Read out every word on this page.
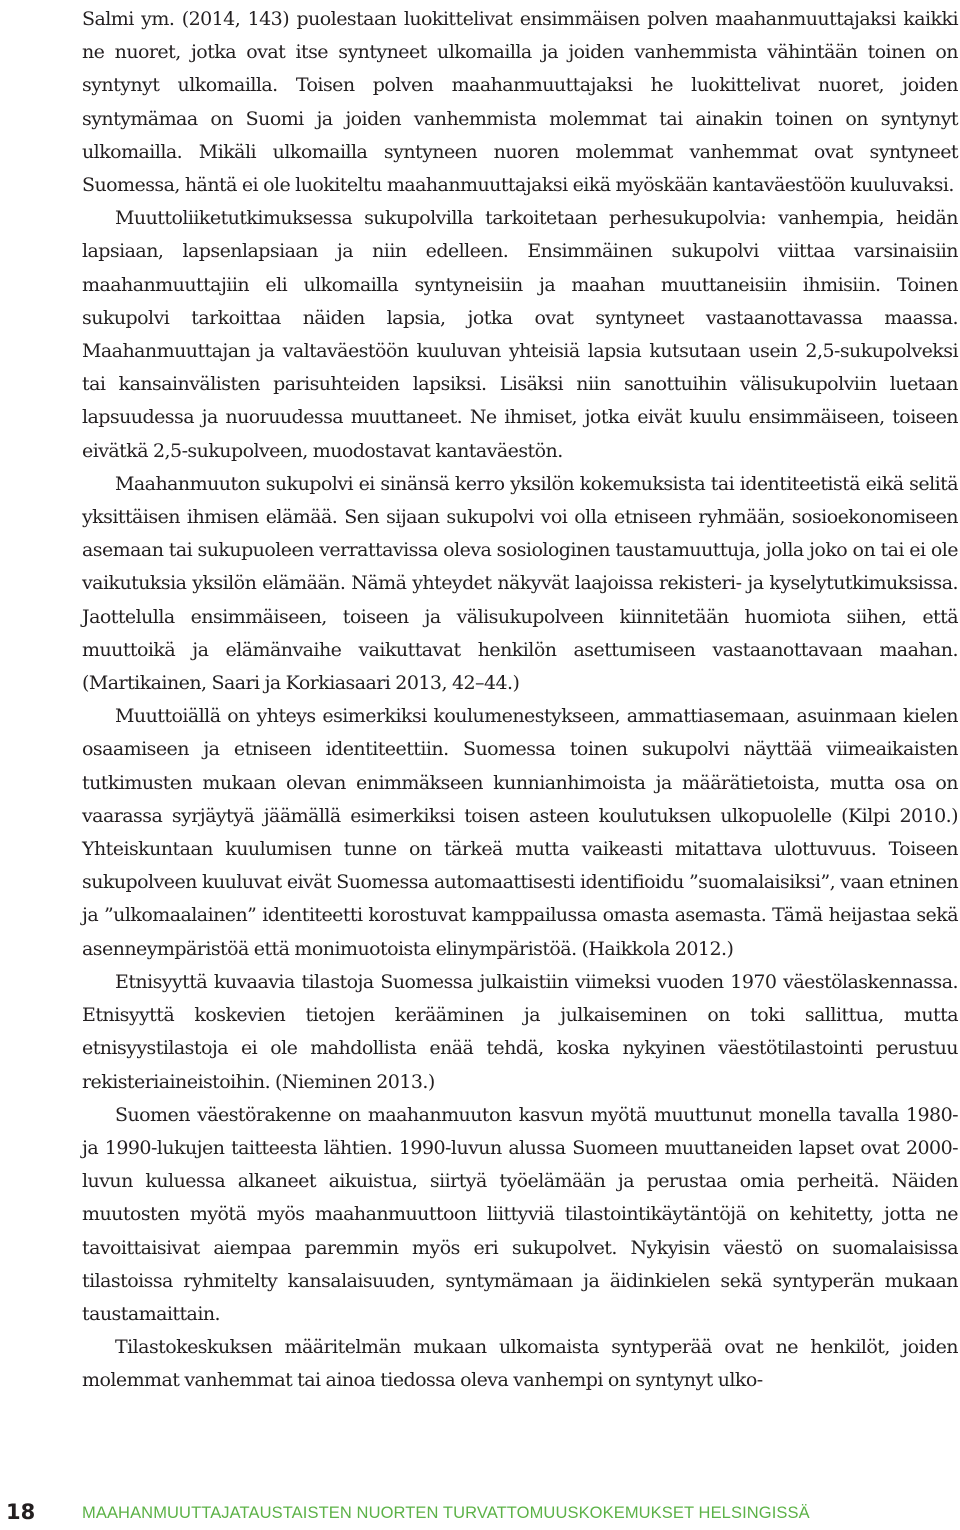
Salmi ym. (2014, 143) puolestaan luokittelivat ensimmäisen polven maahanmuuttajaksi kaikki ne nuoret, jotka ovat itse syntyneet ulkomailla ja joiden vanhemmista vähintään toinen on syntynyt ulkomailla. Toisen polven maahanmuuttajaksi he luokittelivat nuoret, joiden syntymämaa on Suomi ja joiden vanhemmista molemmat tai ainakin toinen on syntynyt ulkomailla. Mikäli ulkomailla syntyneen nuoren molemmat vanhemmat ovat syntyneet Suomessa, häntä ei ole luokiteltu maahanmuuttajaksi eikä myöskään kantaväestöön kuuluvaksi.

Muuttoliiketutkimuksessa sukupolvilla tarkoitetaan perhesukupolvia: vanhempia, heidän lapsiaan, lapsenlapsiaan ja niin edelleen. Ensimmäinen sukupolvi viittaa varsinaisiin maahanmuuttajiin eli ulkomailla syntyneisiin ja maahan muuttaneisiin ihmisiin. Toinen sukupolvi tarkoittaa näiden lapsia, jotka ovat syntyneet vastaanottavassa maassa. Maahanmuuttajan ja valtaväestöön kuuluvan yhteisiä lapsia kutsutaan usein 2,5-sukupolveksi tai kansainvälisten parisuhteiden lapsiksi. Lisäksi niin sanottuihin välisukupolviin luetaan lapsuudessa ja nuoruudessa muuttaneet. Ne ihmiset, jotka eivät kuulu ensimmäiseen, toiseen eivätkä 2,5-sukupolveen, muodostavat kantaväestön.

Maahanmuuton sukupolvi ei sinänsä kerro yksilön kokemuksista tai identiteetistä eikä selitä yksittäisen ihmisen elämää. Sen sijaan sukupolvi voi olla etniseen ryhmään, sosioekonomiseen asemaan tai sukupuoleen verrattavissa oleva sosiologinen taustamuuttuja, jolla joko on tai ei ole vaikutuksia yksilön elämään. Nämä yhteydet näkyvät laajoissa rekisteri- ja kyselytutkimuksissa. Jaottelulla ensimmäiseen, toiseen ja välisukupolveen kiinnitetään huomiota siihen, että muuttoikä ja elämänvaihe vaikuttavat henkilön asettumiseen vastaanottavaan maahan. (Martikainen, Saari ja Korkiasaari 2013, 42–44.)

Muuttoiällä on yhteys esimerkiksi koulumenestykseen, ammattiasemaan, asuinmaan kielen osaamiseen ja etniseen identiteettiin. Suomessa toinen sukupolvi näyttää viimeaikaisten tutkimusten mukaan olevan enimmäkseen kunnianhimoista ja määrätietoista, mutta osa on vaarassa syrjäytyä jäämällä esimerkiksi toisen asteen koulutuksen ulkopuolelle (Kilpi 2010.) Yhteiskuntaan kuulumisen tunne on tärkeä mutta vaikeasti mitattava ulottuvuus. Toiseen sukupolveen kuuluvat eivät Suomessa automaattisesti identifioidu ”suomalaisiksi”, vaan etninen ja ”ulkomaalainen” identiteetti korostuvat kamppailussa omasta asemasta. Tämä heijastaa sekä asenneympäristöä että monimuotoista elinympäristöä. (Haikkola 2012.)

Etnisyyttä kuvaavia tilastoja Suomessa julkaistiin viimeksi vuoden 1970 väestölaskennassa. Etnisyyttä koskevien tietojen kerääminen ja julkaiseminen on toki sallittua, mutta etnisyystilastoja ei ole mahdollista enää tehdä, koska nykyinen väestötilastointi perustuu rekisteriaineistoihin. (Nieminen 2013.)

Suomen väestörakenne on maahanmuuton kasvun myötä muuttunut monella tavalla 1980- ja 1990-lukujen taitteesta lähtien. 1990-luvun alussa Suomeen muuttaneiden lapset ovat 2000-luvun kuluessa alkaneet aikuistua, siirtyä työelämään ja perustaa omia perheitä. Näiden muutosten myötä myös maahanmuuttoon liittyviä tilastointikäytäntöjä on kehitetty, jotta ne tavoittaisivat aiempaa paremmin myös eri sukupolvet. Nykyisin väestö on suomalaisissa tilastoissa ryhmitelty kansalaisuuden, syntymämaan ja äidinkielen sekä syntyperän mukaan taustamaittain.

Tilastokeskuksen määritelmän mukaan ulkomaista syntyperää ovat ne henkilöt, joiden molemmat vanhemmat tai ainoa tiedossa oleva vanhempi on syntynyt ulko-

18	MAAHANMUUTTAJATAUSTAISTEN NUORTEN TURVATTOMUUSKOKEMUKSET HELSINGISSÄ
